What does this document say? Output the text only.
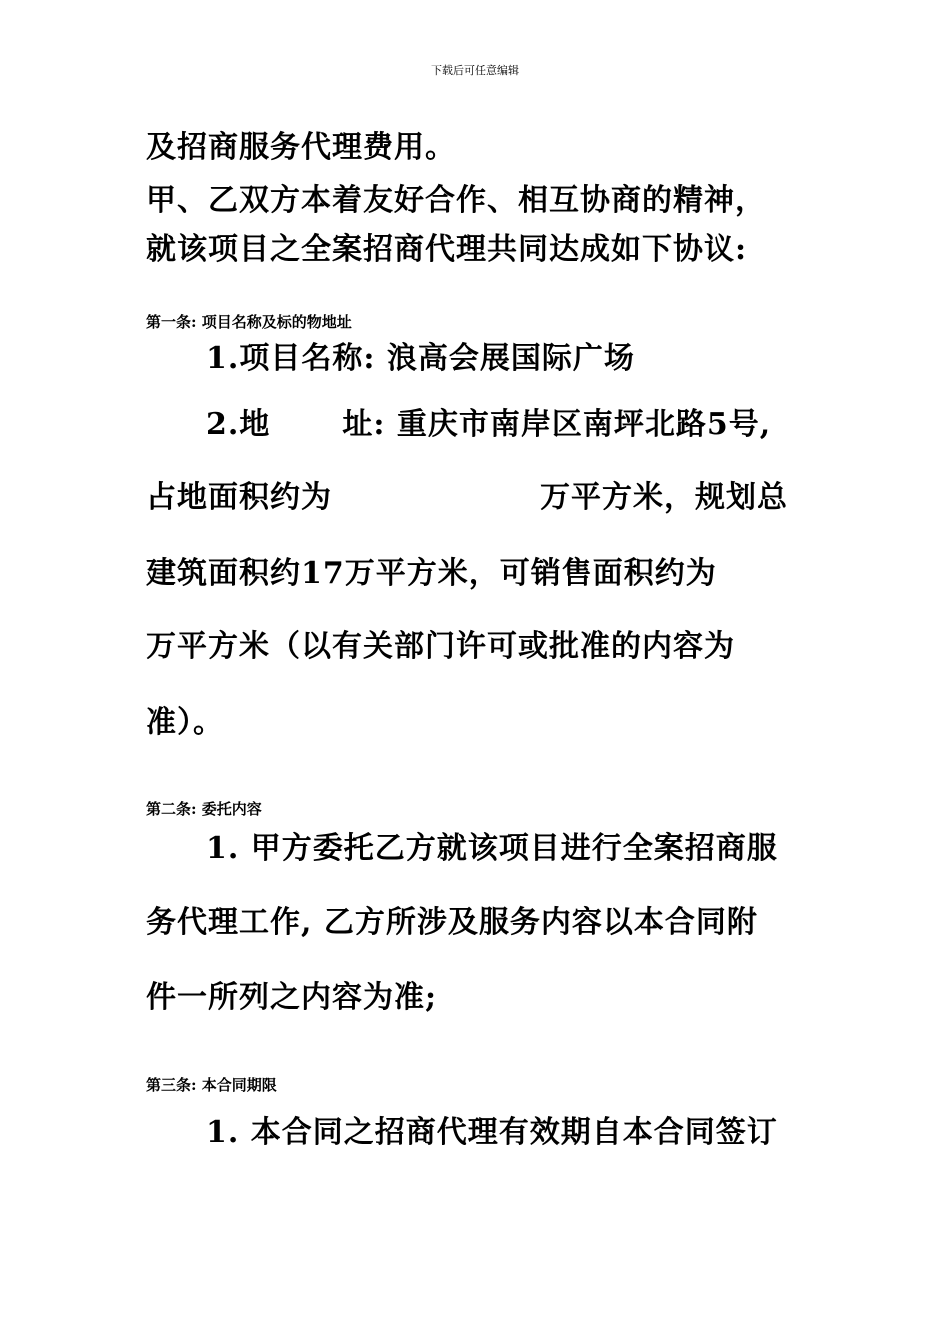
下载后可任意编辑
及招商服务代理费用。
甲、乙双方本着友好合作、相互协商的精神，
就该项目之全案招商代理共同达成如下协议:
第一条: 项目名称及标的物地址
1.项目名称: 浪高会展国际广场
2.地 址: 重庆市南岸区南坪北路5号,
占地面积约为	万平方米，规划总
建筑面积约17万平方米，可销售面积约为
万平方米（以有关部门许可或批准的内容为
准）。
第二条: 委托内容
1. 甲方委托乙方就该项目进行全案招商服
务代理工作, 乙方所涉及服务内容以本合同附
件一所列之内容为准;
第三条: 本合同期限
1. 本合同之招商代理有效期自本合同签订
